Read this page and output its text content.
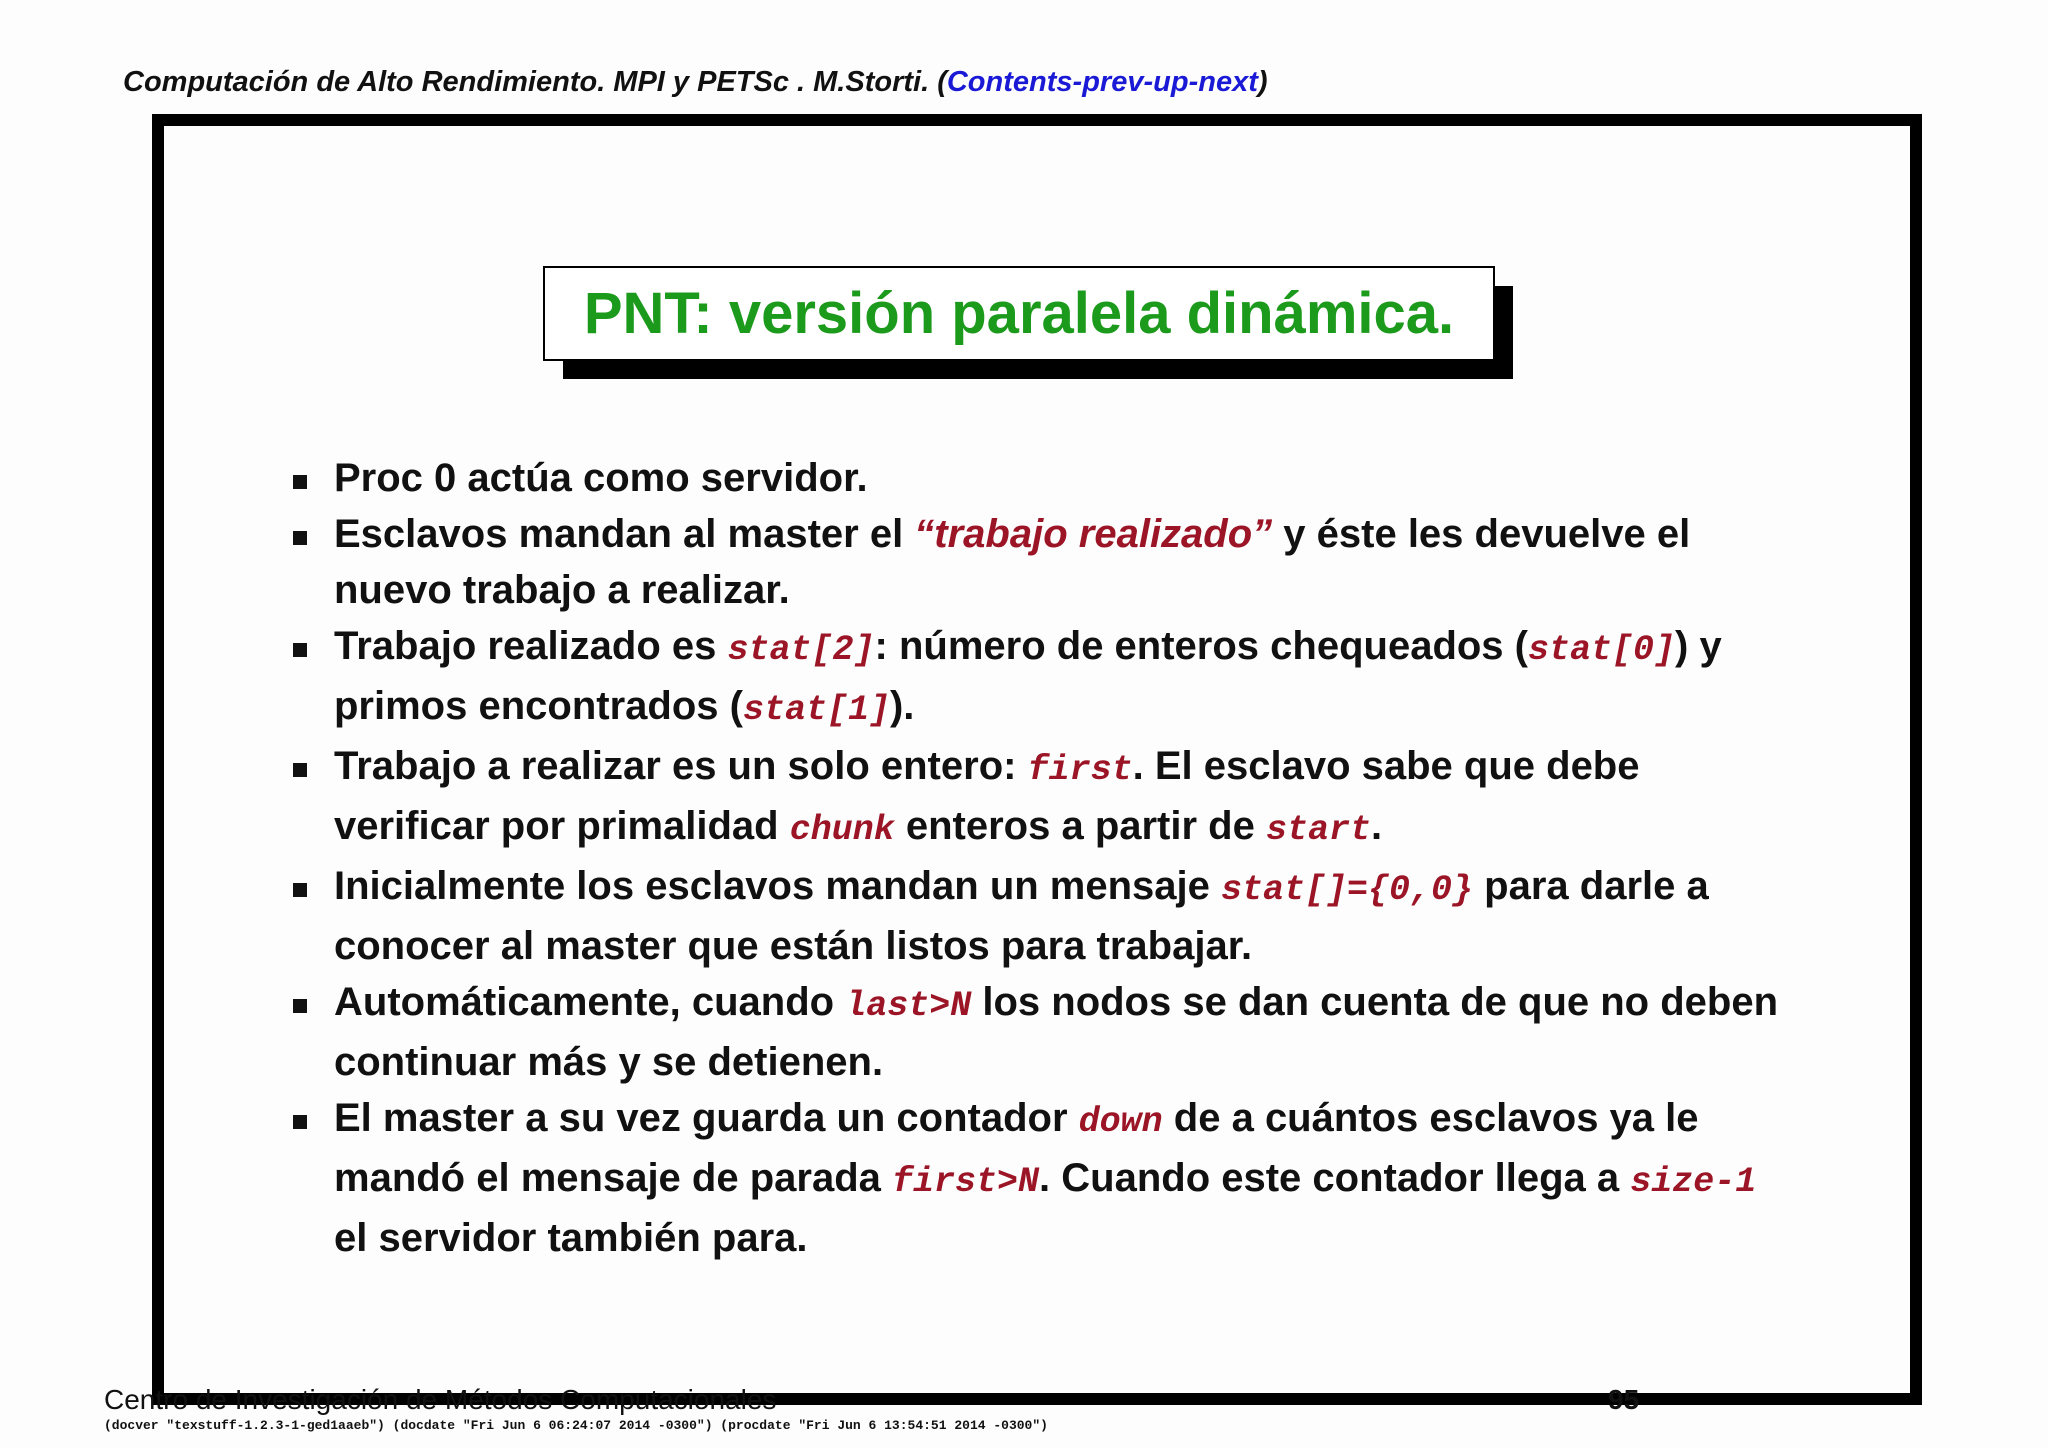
Computación de Alto Rendimiento. MPI y PETSc . M.Storti. (Contents-prev-up-next)
PNT: versión paralela dinámica.
Proc 0 actúa como servidor.
Esclavos mandan al master el “trabajo realizado” y éste les devuelve el nuevo trabajo a realizar.
Trabajo realizado es stat[2]: número de enteros chequeados (stat[0]) y primos encontrados (stat[1]).
Trabajo a realizar es un solo entero: first. El esclavo sabe que debe verificar por primalidad chunk enteros a partir de start.
Inicialmente los esclavos mandan un mensaje stat[]={0,0} para darle a conocer al master que están listos para trabajar.
Automáticamente, cuando last>N los nodos se dan cuenta de que no deben continuar más y se detienen.
El master a su vez guarda un contador down de a cuántos esclavos ya le mandó el mensaje de parada first>N. Cuando este contador llega a size-1 el servidor también para.
Centro de Investigación de Métodos Computacionales	95
(docver "texstuff-1.2.3-1-ged1aaeb") (docdate "Fri Jun 6 06:24:07 2014 -0300") (procdate "Fri Jun 6 13:54:51 2014 -0300")
